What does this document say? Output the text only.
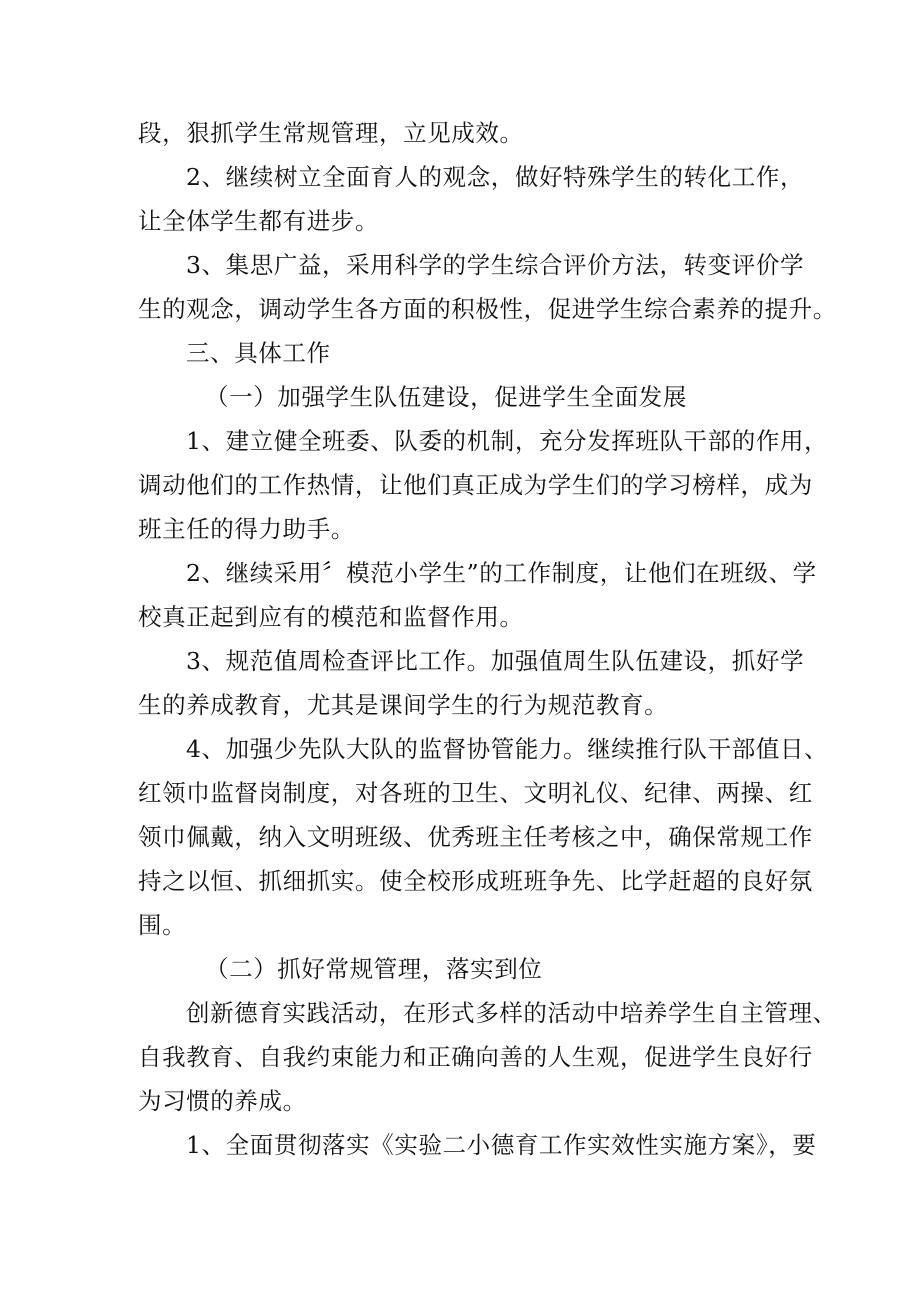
段，狠抓学生常规管理，立见成效。
2、继续树立全面育人的观念，做好特殊学生的转化工作，
让全体学生都有进步。
3、集思广益，采用科学的学生综合评价方法，转变评价学
生的观念，调动学生各方面的积极性，促进学生综合素养的提升。
三、具体工作
（一）加强学生队伍建设，促进学生全面发展
1、建立健全班委、队委的机制，充分发挥班队干部的作用，
调动他们的工作热情，让他们真正成为学生们的学习榜样，成为
班主任的得力助手。
2、继续采用〞模范小学生”的工作制度，让他们在班级、学
校真正起到应有的模范和监督作用。
3、规范值周检查评比工作。加强值周生队伍建设，抓好学
生的养成教育，尤其是课间学生的行为规范教育。
4、加强少先队大队的监督协管能力。继续推行队干部值日、
红领巾监督岗制度，对各班的卫生、文明礼仪、纪律、两操、红
领巾佩戴，纳入文明班级、优秀班主任考核之中，确保常规工作
持之以恒、抓细抓实。使全校形成班班争先、比学赶超的良好氛
围。
（二）抓好常规管理，落实到位
创新德育实践活动，在形式多样的活动中培养学生自主管理、
自我教育、自我约束能力和正确向善的人生观，促进学生良好行
为习惯的养成。
1、全面贯彻落实《实验二小德育工作实效性实施方案》，要
